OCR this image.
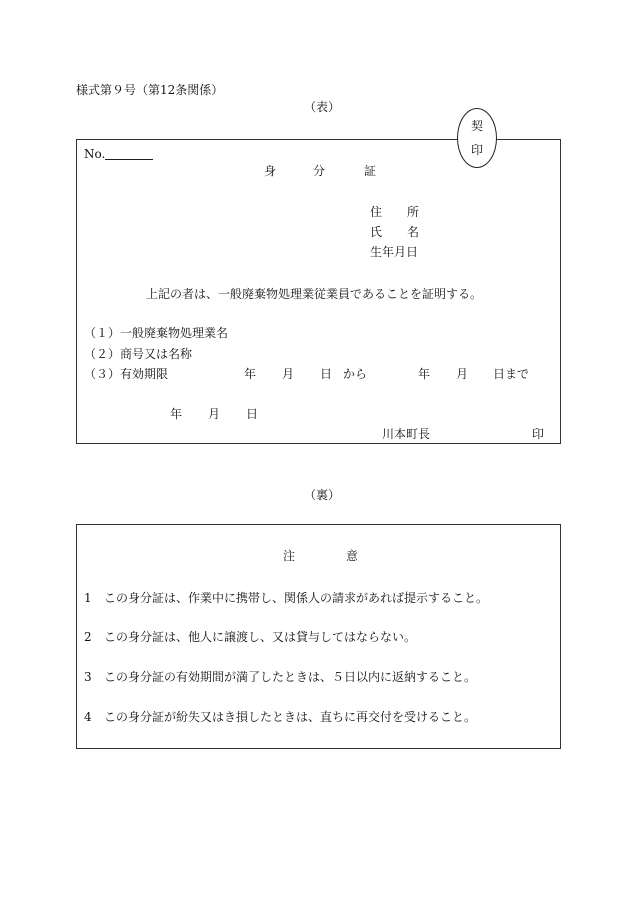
様式第９号（第12条関係）
（表）
No.
身	分	証
住 所
氏 名
生年月日
上記の者は、一般廃棄物処理業従業員であることを証明する。
（１）一般廃棄物処理業名
（２）商号又は名称
（３）有効期限	年 月 日 から	年 月 日まで
年 月 日
川本町長	印
契
印
（裏）
注	意
1 この身分証は、作業中に携帯し、関係人の請求があれば提示すること。
2 この身分証は、他人に譲渡し、又は貸与してはならない。
3 この身分証の有効期間が満了したときは、５日以内に返納すること。
4 この身分証が紛失又はき損したときは、直ちに再交付を受けること。
